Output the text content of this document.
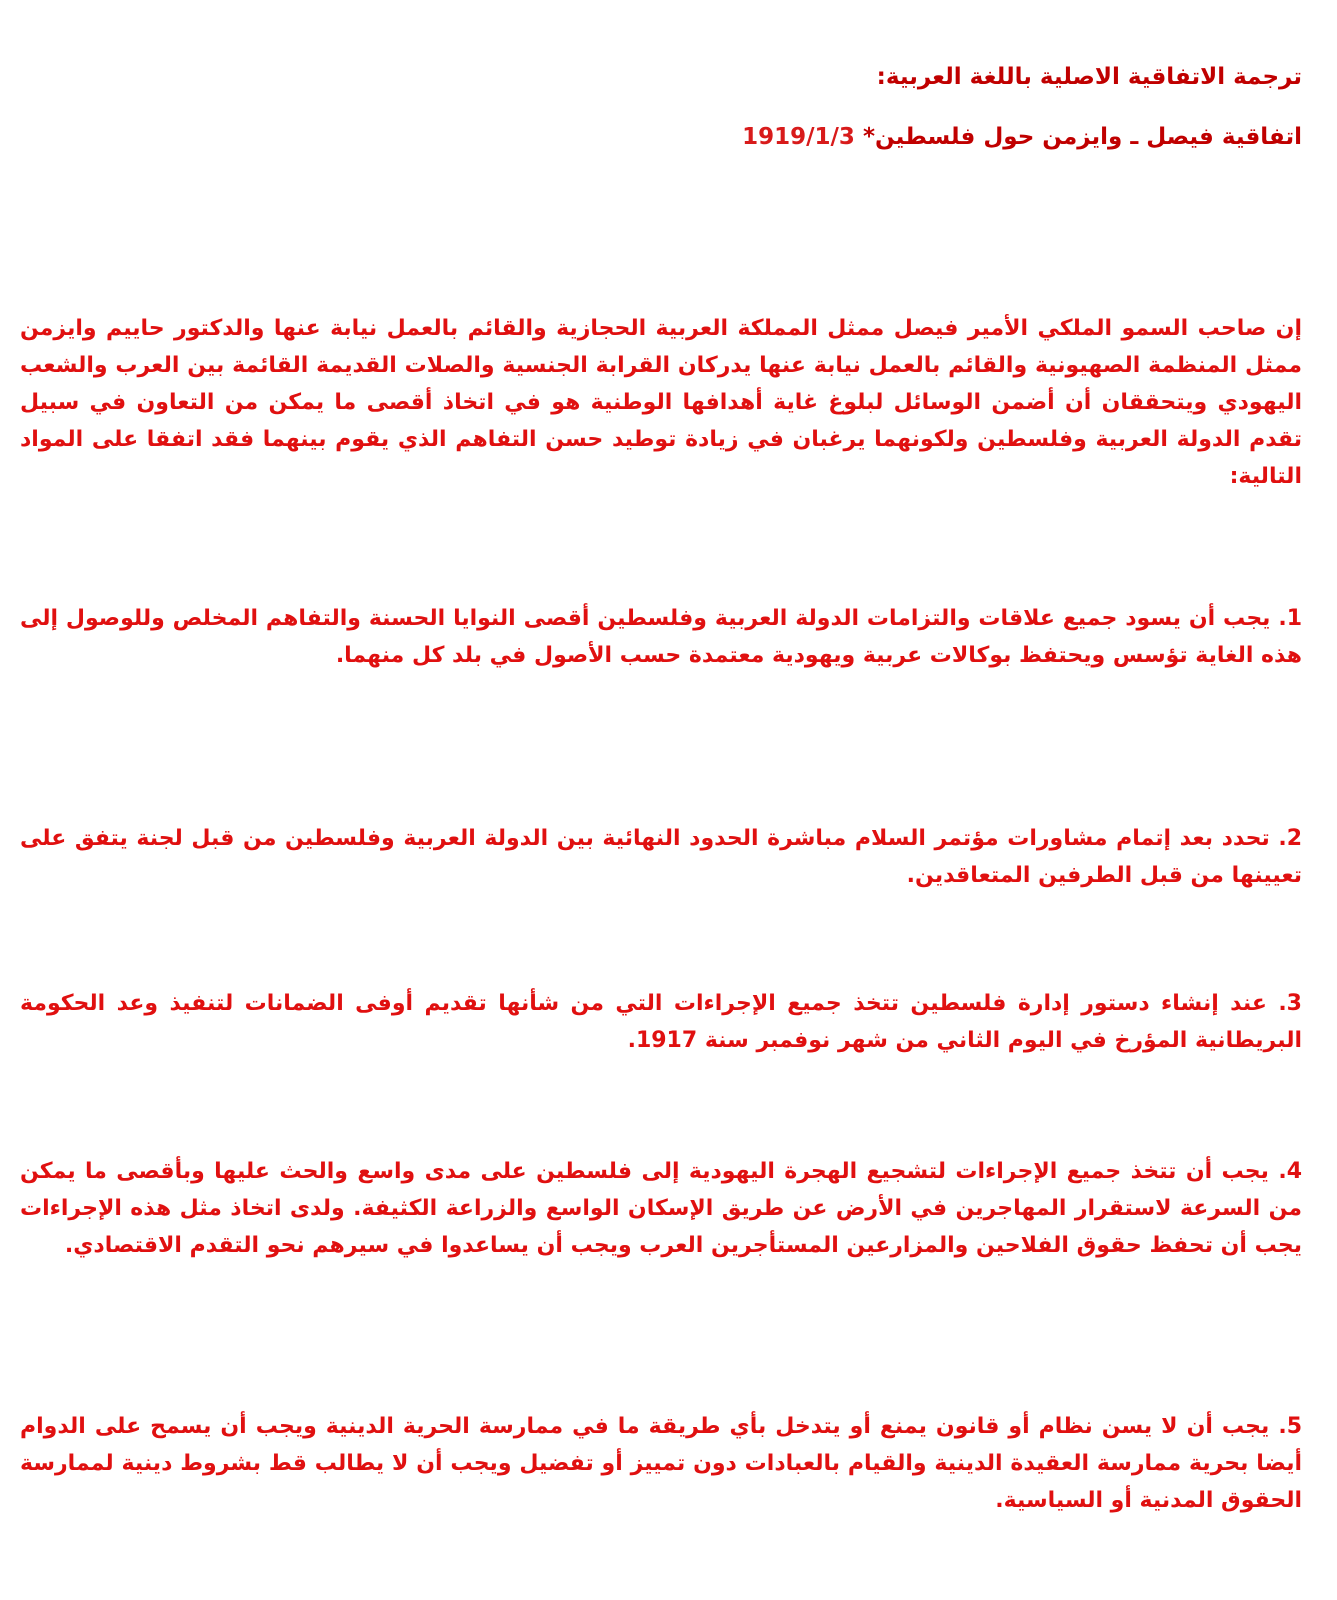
ترجمة الاتفاقية الاصلية باللغة العربية:
اتفاقية فيصل ـ وايزمن حول فلسطين* 1919/1/3

إن صاحب السمو الملكي الأمير فيصل ممثل المملكة العربية الحجازية والقائم بالعمل نيابة عنها والدكتور حاييم وايزمن ممثل المنظمة الصهيونية والقائم بالعمل نيابة عنها يدركان القرابة الجنسية والصلات القديمة القائمة بين العرب والشعب اليهودي ويتحققان أن أضمن الوسائل لبلوغ غاية أهدافها الوطنية هو في اتخاذ أقصى ما يمكن من التعاون في سبيل تقدم الدولة العربية وفلسطين ولكونهما يرغبان في زيادة توطيد حسن التفاهم الذي يقوم بينهما فقد اتفقا على المواد التالية:

1. يجب أن يسود جميع علاقات والتزامات الدولة العربية وفلسطين أقصى النوايا الحسنة والتفاهم المخلص وللوصول إلى هذه الغاية تؤسس ويحتفظ بوكالات عربية ويهودية معتمدة حسب الأصول في بلد كل منهما.

2. تحدد بعد إتمام مشاورات مؤتمر السلام مباشرة الحدود النهائية بين الدولة العربية وفلسطين من قبل لجنة يتفق على تعيينها من قبل الطرفين المتعاقدين.

3. عند إنشاء دستور إدارة فلسطين تتخذ جميع الإجراءات التي من شأنها تقديم أوفى الضمانات لتنفيذ وعد الحكومة البريطانية المؤرخ في اليوم الثاني من شهر نوفمبر سنة 1917.

4. يجب أن تتخذ جميع الإجراءات لتشجيع الهجرة اليهودية إلى فلسطين على مدى واسع والحث عليها وبأقصى ما يمكن من السرعة لاستقرار المهاجرين في الأرض عن طريق الإسكان الواسع والزراعة الكثيفة. ولدى اتخاذ مثل هذه الإجراءات يجب أن تحفظ حقوق الفلاحين والمزارعين المستأجرين العرب ويجب أن يساعدوا في سيرهم نحو التقدم الاقتصادي.

5. يجب أن لا يسن نظام أو قانون يمنع أو يتدخل بأي طريقة ما في ممارسة الحرية الدينية ويجب أن يسمح على الدوام أيضا بحرية ممارسة العقيدة الدينية والقيام بالعبادات دون تمييز أو تفضيل ويجب أن لا يطالب قط بشروط دينية لممارسة الحقوق المدنية أو السياسية.
